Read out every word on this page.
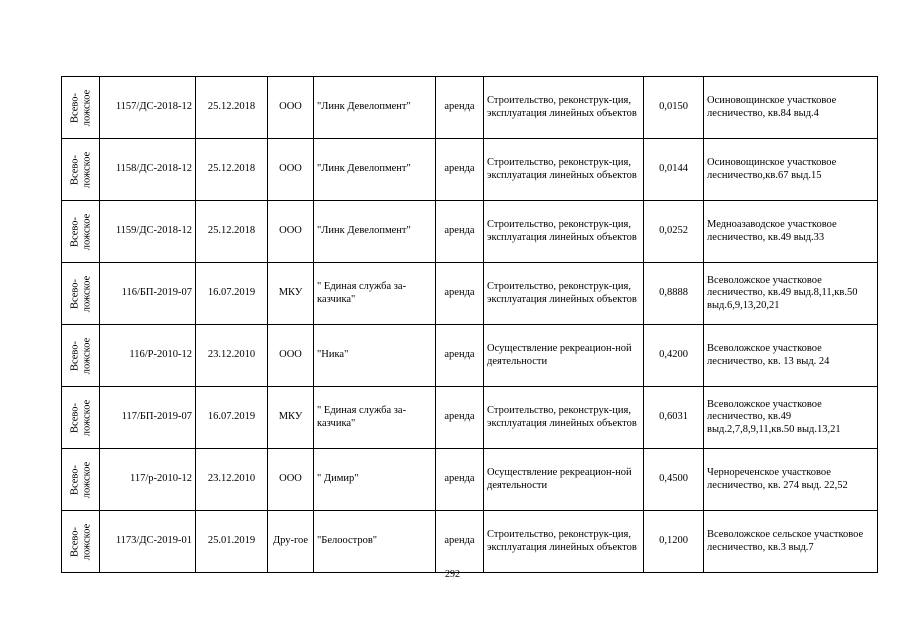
Всево-ложское	1157/ДС-2018-12	25.12.2018	ООО	"Линк Девелопмент"	аренда	Строительство, реконструк-ция, эксплуатация линейных объектов	0,0150	Осиновощинское участковое лесничество, кв.84 выд.4

Всево-ложское	1158/ДС-2018-12	25.12.2018	ООО	"Линк Девелопмент"	аренда	Строительство, реконструк-ция, эксплуатация линейных объектов	0,0144	Осиновощинское участковое лесничество,кв.67 выд.15

Всево-ложское	1159/ДС-2018-12	25.12.2018	ООО	"Линк Девелопмент"	аренда	Строительство, реконструк-ция, эксплуатация линейных объектов	0,0252	Медноазаводское участковое лесничество, кв.49 выд.33

Всево-ложское	116/БП-2019-07	16.07.2019	МКУ	" Единая служба за-казчика"	аренда	Строительство, реконструк-ция, эксплуатация линейных объектов	0,8888	Всеволожское участковое лесничество, кв.49 выд.8,11,кв.50 выд.6,9,13,20,21

Всево-ложское	116/Р-2010-12	23.12.2010	ООО	"Ника"	аренда	Осуществление рекреацион-ной деятельности	0,4200	Всеволожское участковое лесничество, кв. 13 выд. 24

Всево-ложское	117/БП-2019-07	16.07.2019	МКУ	" Единая служба за-казчика"	аренда	Строительство, реконструк-ция, эксплуатация линейных объектов	0,6031	Всеволожское участковое лесничество, кв.49 выд.2,7,8,9,11,кв.50 выд.13,21

Всево-ложское	117/р-2010-12	23.12.2010	ООО	" Димир"	аренда	Осуществление рекреацион-ной деятельности	0,4500	Чернореченское участковое лесничество, кв. 274 выд. 22,52

Всево-ложское	1173/ДС-2019-01	25.01.2019	Дру-гое	"Белоостров"	аренда	Строительство, реконструк-ция, эксплуатация линейных объектов	0,1200	Всеволожское сельское участковое лесничество, кв.3 выд.7
292
